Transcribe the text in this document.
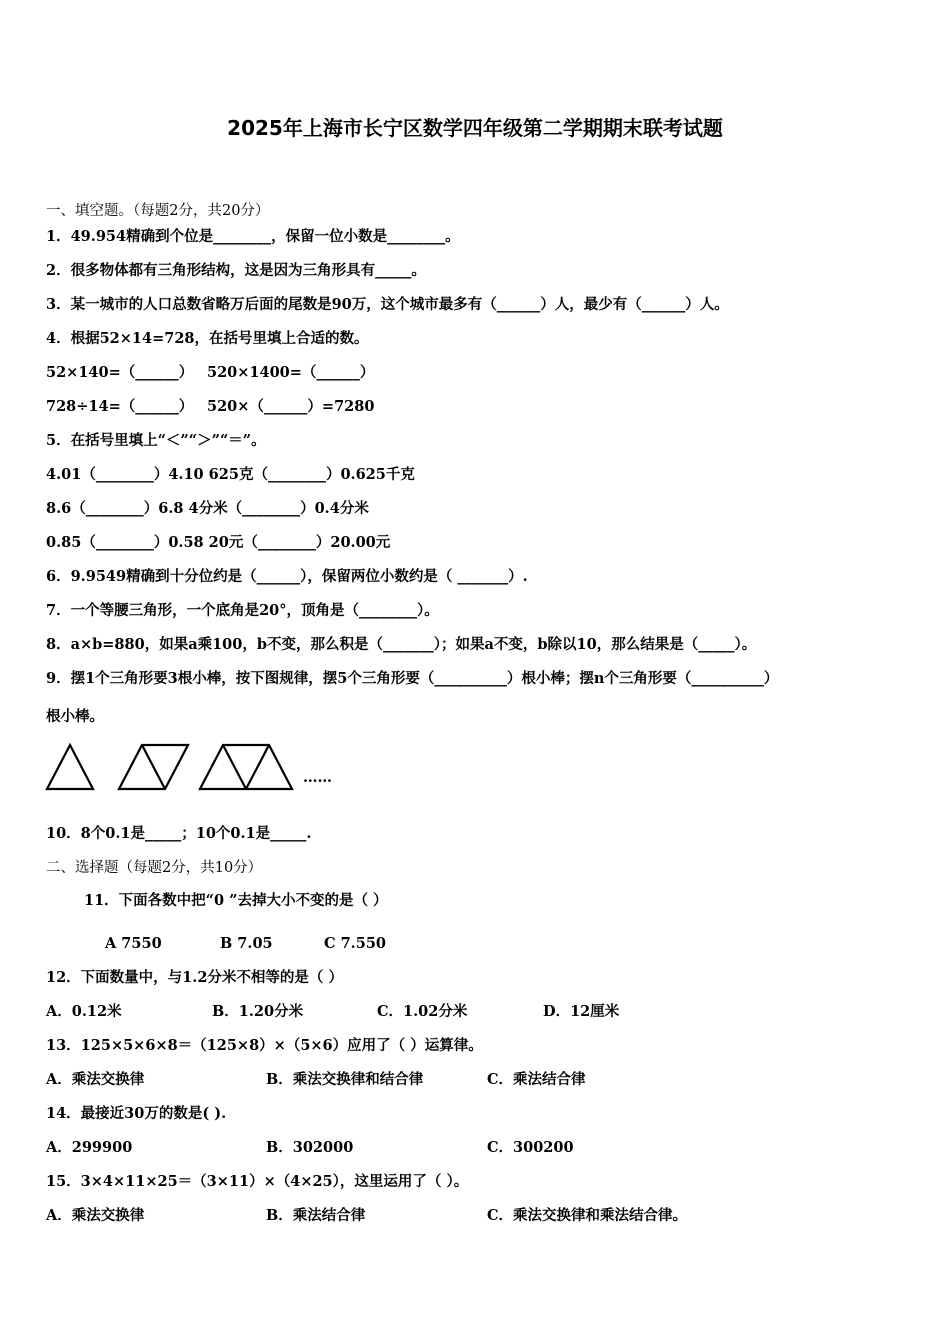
2025年上海市长宁区数学四年级第二学期期末联考试题
一、填空题。（每题2分，共20分）
1．49.954精确到个位是________，保留一位小数是________。
2．很多物体都有三角形结构，这是因为三角形具有_____。
3．某一城市的人口总数省略万后面的尾数是90万，这个城市最多有（______）人，最少有（______）人。
4．根据52×14=728，在括号里填上合适的数。
52×140=（______） 520×1400=（______）
728÷14=（______） 520×（______）=7280
5．在括号里填上“＜”“＞”“＝”。
4.01（________）4.10 625克（________）0.625千克
8.6（________）6.8 4分米（________）0.4分米
0.85（________）0.58 20元（________）20.00元
6．9.9549精确到十分位约是（______），保留两位小数约是（ _______）.
7．一个等腰三角形，一个底角是20°，顶角是（________）。
8．a×b=880，如果a乘100，b不变，那么积是（_______）；如果a不变，b除以10，那么结果是（_____）。
9．摆1个三角形要3根小棒，按下图规律，摆5个三角形要（__________）根小棒；摆n个三角形要（__________）
根小棒。
……
10．8个0.1是_____；10个0.1是_____.
二、选择题（每题2分，共10分）
11．下面各数中把“0 ”去掉大小不变的是（ ）
A 7550	B 7.05	C 7.550
12．下面数量中，与1.2分米不相等的是（ ）
A．0.12米	B．1.20分米	C．1.02分米	D．12厘米
13．125×5×6×8＝（125×8）×（5×6）应用了（ ）运算律。
A．乘法交换律	B．乘法交换律和结合律	C．乘法结合律
14．最接近30万的数是( ).
A．299900	B．302000	C．300200
15．3×4×11×25＝（3×11）×（4×25），这里运用了（ ）。
A．乘法交换律	B．乘法结合律	C．乘法交换律和乘法结合律。
